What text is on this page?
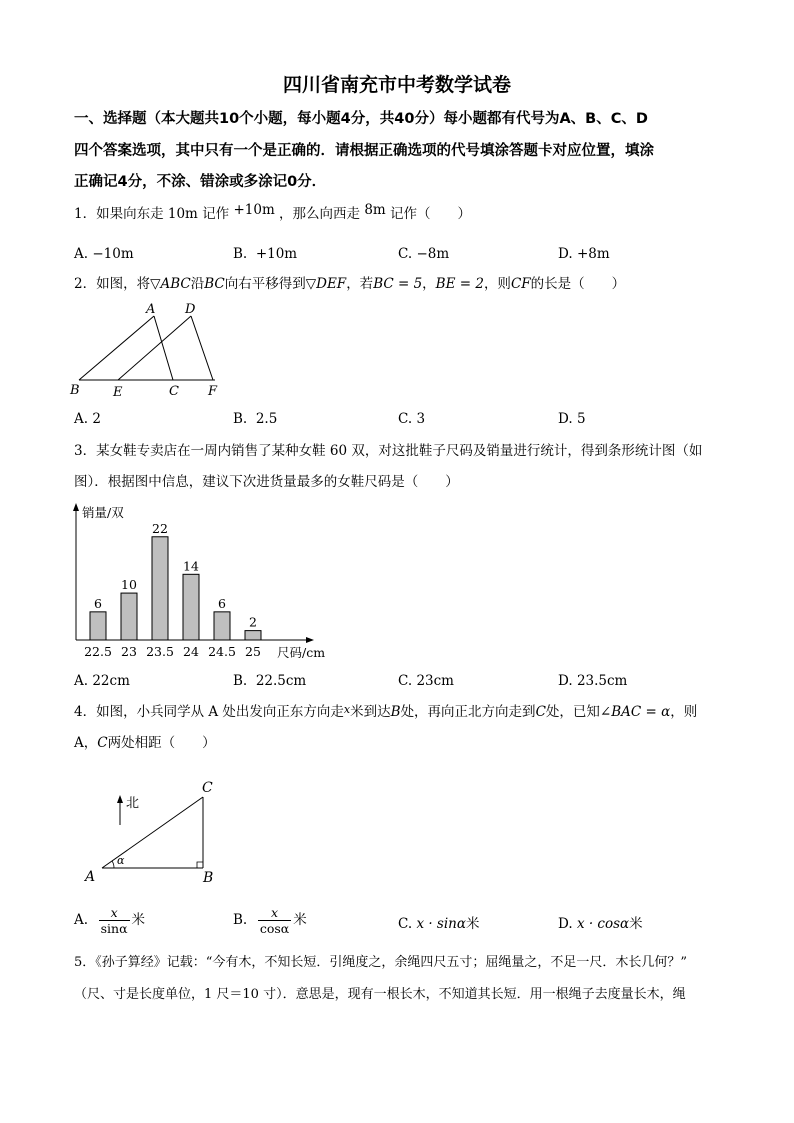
四川省南充市中考数学试卷
一、选择题（本大题共10个小题，每小题4分，共40分）每小题都有代号为A、B、C、D
四个答案选项，其中只有一个是正确的．请根据正确选项的代号填涂答题卡对应位置，填涂
正确记4分，不涂、错涂或多涂记0分．
1．如果向东走 10m 记作 +10m ，那么向西走 8m 记作（　　）
A. −10m	B. +10m	C. −8m	D. +8m
2．如图，将▽ABC沿BC向右平移得到▽DEF，若BC = 5，BE = 2，则CF的长是（　　）
A D
B	E	C F
A. 2	B. 2.5	C. 3	D. 5
3．某女鞋专卖店在一周内销售了某种女鞋 60 双，对这批鞋子尺码及销量进行统计，得到条形统计图（如
图）．根据图中信息，建议下次进货量最多的女鞋尺码是（　　）
销量/双
尺码/cm
6
22.5
10
23
22
23.5
14
24
6
24.5
2
25
A. 22cm	B. 22.5cm	C. 23cm	D. 23.5cm
4．如图，小兵同学从 A 处出发向正东方向走$^x$米到达B处，再向正北方向走到C处，已知∠BAC = α，则
A，C两处相距（　　）
北
α
A	B
C
A. $\frac{x}{\sin\alpha}$ 米	B. $\frac{x}{\cos\alpha}$ 米	C. x · sinα米	D. x · cosα米
5．《孙子算经》记载：“今有木，不知长短．引绳度之，余绳四尺五寸；屈绳量之，不足一尺．木长几何？”
（尺、寸是长度单位，1 尺＝10 寸）．意思是，现有一根长木，不知道其长短．用一根绳子去度量长木，绳
